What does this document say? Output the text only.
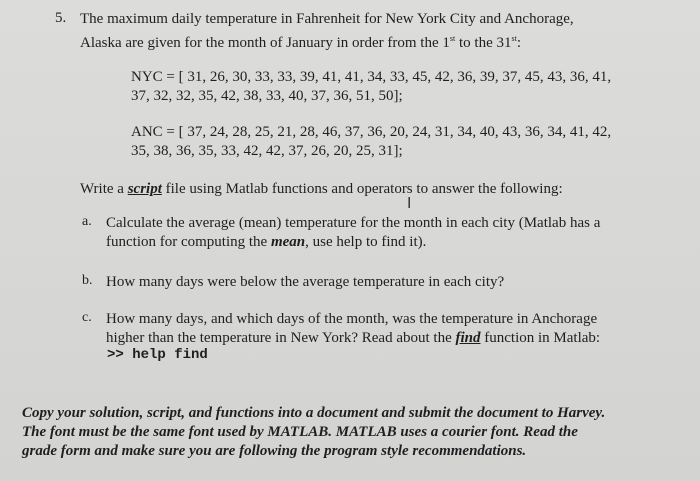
5. The maximum daily temperature in Fahrenheit for New York City and Anchorage,
Alaska are given for the month of January in order from the 1st to the 31st:
NYC = [ 31, 26, 30, 33, 33, 39, 41, 41, 34, 33, 45, 42, 36, 39, 37, 45, 43, 36, 41,
37, 32, 32, 35, 42, 38, 33, 40, 37, 36, 51, 50];
ANC = [ 37, 24, 28, 25, 21, 28, 46, 37, 36, 20, 24, 31, 34, 40, 43, 36, 34, 41, 42,
35, 38, 36, 35, 33, 42, 42, 37, 26, 20, 25, 31];
Write a script file using Matlab functions and operators to answer the following:
I
a. Calculate the average (mean) temperature for the month in each city (Matlab has a
function for computing the mean, use help to find it).
b. How many days were below the average temperature in each city?
c. How many days, and which days of the month, was the temperature in Anchorage
higher than the temperature in New York? Read about the find function in Matlab:
>> help find
Copy your solution, script, and functions into a document and submit the document to Harvey.
The font must be the same font used by MATLAB. MATLAB uses a courier font. Read the
grade form and make sure you are following the program style recommendations.
